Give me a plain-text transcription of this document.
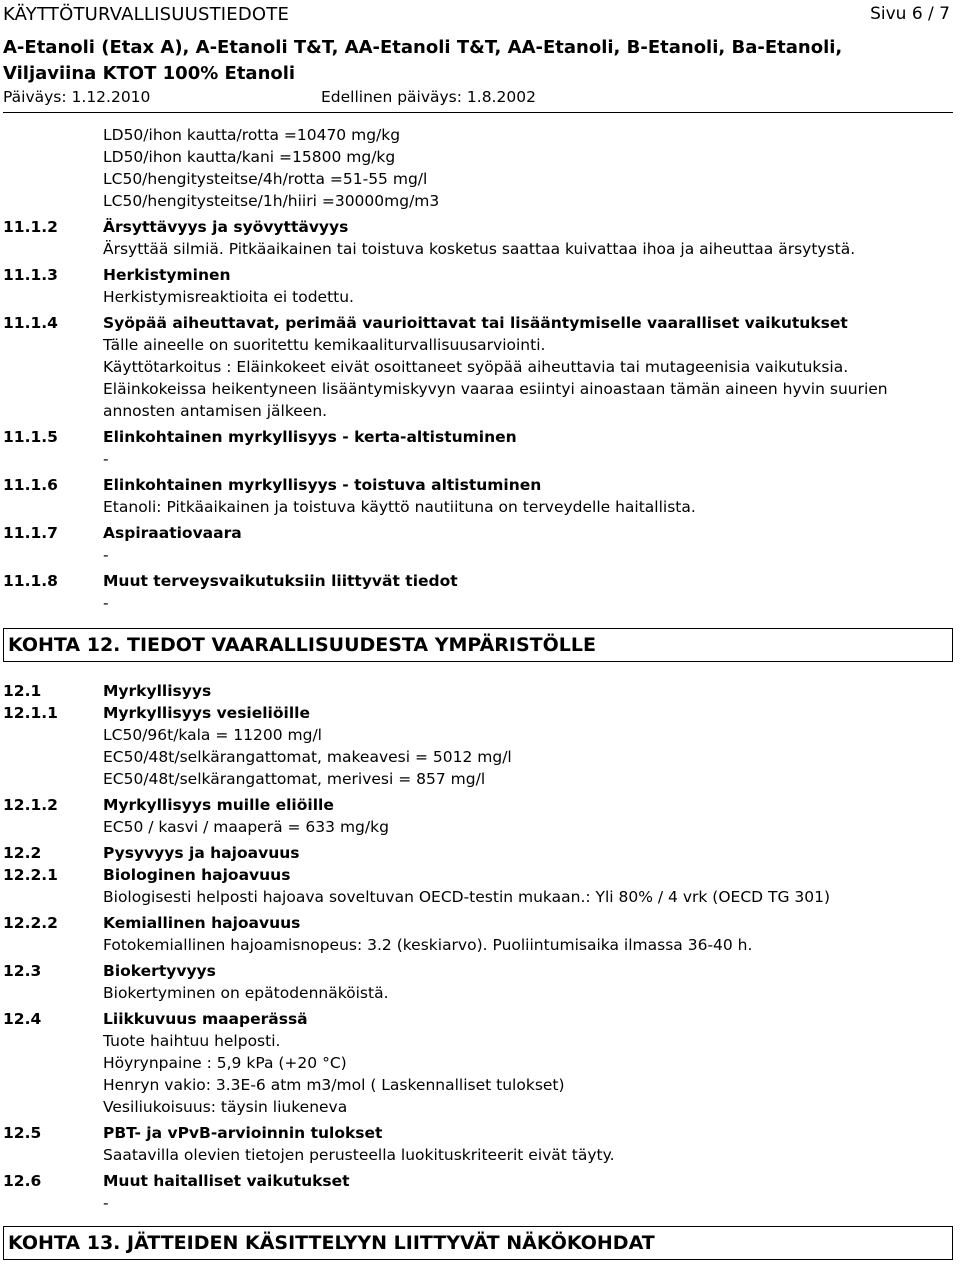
KÄYTTÖTURVALLISUUSTIEDOTE	Sivu 6 / 7
A-Etanoli (Etax A), A-Etanoli T&T, AA-Etanoli T&T, AA-Etanoli, B-Etanoli, Ba-Etanoli,
Viljaviina KTOT 100% Etanoli
Päiväys: 1.12.2010	Edellinen päiväys: 1.8.2002
LD50/ihon kautta/rotta =10470 mg/kg
LD50/ihon kautta/kani =15800 mg/kg
LC50/hengitysteitse/4h/rotta =51-55 mg/l
LC50/hengitysteitse/1h/hiiri =30000mg/m3
11.1.2	Ärsyttävyys ja syövyttävyys
Ärsyttää silmiä. Pitkäaikainen tai toistuva kosketus saattaa kuivattaa ihoa ja aiheuttaa ärsytystä.
11.1.3	Herkistyminen
Herkistymisreaktioita ei todettu.
11.1.4	Syöpää aiheuttavat, perimää vaurioittavat tai lisääntymiselle vaaralliset vaikutukset
Tälle aineelle on suoritettu kemikaaliturvallisuusarviointi.
Käyttötarkoitus : Eläinkokeet eivät osoittaneet syöpää aiheuttavia tai mutageenisia vaikutuksia. Eläinkokeissa heikentyneen lisääntymiskyvyn vaaraa esiintyi ainoastaan tämän aineen hyvin suurien annosten antamisen jälkeen.
11.1.5	Elinkohtainen myrkyllisyys - kerta-altistuminen
-
11.1.6	Elinkohtainen myrkyllisyys - toistuva altistuminen
Etanoli: Pitkäaikainen ja toistuva käyttö nautiituna on terveydelle haitallista.
11.1.7	Aspiraatiovaara
-
11.1.8	Muut terveysvaikutuksiin liittyvät tiedot
-
KOHTA 12. TIEDOT VAARALLISUUDESTA YMPÄRISTÖLLE
12.1	Myrkyllisyys
12.1.1	Myrkyllisyys vesieliöille
LC50/96t/kala = 11200 mg/l
EC50/48t/selkärangattomat, makeavesi = 5012 mg/l
EC50/48t/selkärangattomat, merivesi = 857 mg/l
12.1.2	Myrkyllisyys muille eliöille
EC50 / kasvi / maaperä = 633 mg/kg
12.2	Pysyvyys ja hajoavuus
12.2.1	Biologinen hajoavuus
Biologisesti helposti hajoava soveltuvan OECD-testin mukaan.: Yli 80% / 4 vrk (OECD TG 301)
12.2.2	Kemiallinen hajoavuus
Fotokemiallinen hajoamisnopeus: 3.2 (keskiarvo). Puoliintumisaika ilmassa 36-40 h.
12.3	Biokertyvyys
Biokertyminen on epätodennäköistä.
12.4	Liikkuvuus maaperässä
Tuote haihtuu helposti.
Höyrynpaine : 5,9 kPa (+20 °C)
Henryn vakio: 3.3E-6 atm m3/mol ( Laskennalliset tulokset)
Vesiliukoisuus: täysin liukeneva
12.5	PBT- ja vPvB-arvioinnin tulokset
Saatavilla olevien tietojen perusteella luokituskriteerit eivät täyty.
12.6	Muut haitalliset vaikutukset
-
KOHTA 13. JÄTTEIDEN KÄSITTELYYN LIITTYVÄT NÄKÖKOHDAT
